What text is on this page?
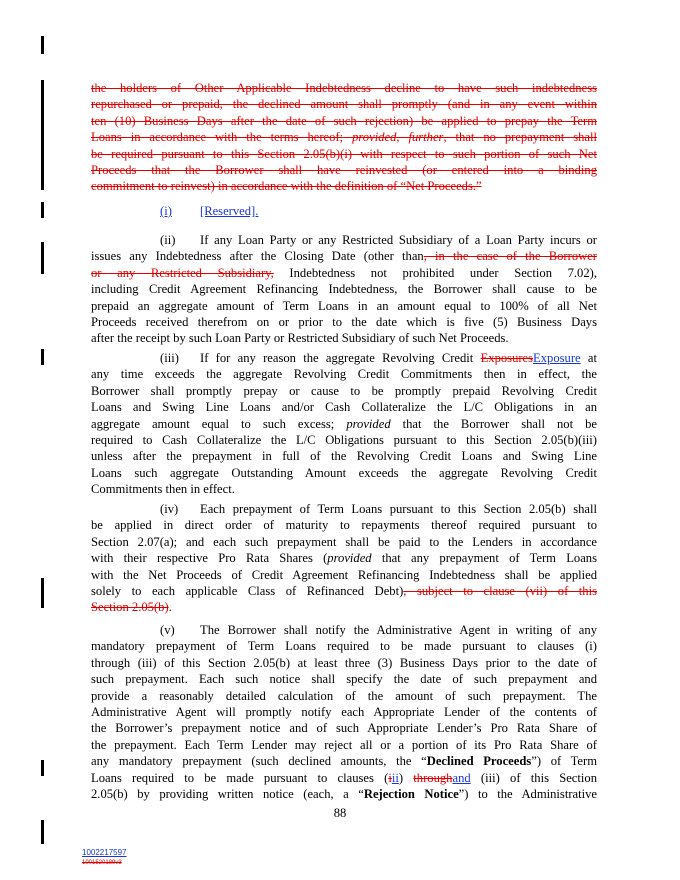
the holders of Other Applicable Indebtedness decline to have such indebtedness
repurchased or prepaid, the declined amount shall promptly (and in any event within
ten (10) Business Days after the date of such rejection) be applied to prepay the Term
Loans in accordance with the terms hereof; provided, further, that no prepayment shall
be required pursuant to this Section 2.05(b)(i) with respect to such portion of such Net
Proceeds that the Borrower shall have reinvested (or entered into a binding
commitment to reinvest) in accordance with the definition of “Net Proceeds.”
(i) [Reserved].
(ii) If any Loan Party or any Restricted Subsidiary of a Loan Party incurs or
issues any Indebtedness after the Closing Date (other than, in the case of the Borrower
or any Restricted Subsidiary, Indebtedness not prohibited under Section 7.02),
including Credit Agreement Refinancing Indebtedness, the Borrower shall cause to be
prepaid an aggregate amount of Term Loans in an amount equal to 100% of all Net
Proceeds received therefrom on or prior to the date which is five (5) Business Days
after the receipt by such Loan Party or Restricted Subsidiary of such Net Proceeds.
(iii) If for any reason the aggregate Revolving Credit ExposuresExposure at
any time exceeds the aggregate Revolving Credit Commitments then in effect, the
Borrower shall promptly prepay or cause to be promptly prepaid Revolving Credit
Loans and Swing Line Loans and/or Cash Collateralize the L/C Obligations in an
aggregate amount equal to such excess; provided that the Borrower shall not be
required to Cash Collateralize the L/C Obligations pursuant to this Section 2.05(b)(iii)
unless after the prepayment in full of the Revolving Credit Loans and Swing Line
Loans such aggregate Outstanding Amount exceeds the aggregate Revolving Credit
Commitments then in effect.
(iv) Each prepayment of Term Loans pursuant to this Section 2.05(b) shall
be applied in direct order of maturity to repayments thereof required pursuant to
Section 2.07(a); and each such prepayment shall be paid to the Lenders in accordance
with their respective Pro Rata Shares (provided that any prepayment of Term Loans
with the Net Proceeds of Credit Agreement Refinancing Indebtedness shall be applied
solely to each applicable Class of Refinanced Debt), subject to clause (vii) of this
Section 2.05(b).
(v) The Borrower shall notify the Administrative Agent in writing of any
mandatory prepayment of Term Loans required to be made pursuant to clauses (i)
through (iii) of this Section 2.05(b) at least three (3) Business Days prior to the date of
such prepayment. Each such notice shall specify the date of such prepayment and
provide a reasonably detailed calculation of the amount of such prepayment. The
Administrative Agent will promptly notify each Appropriate Lender of the contents of
the Borrower’s prepayment notice and of such Appropriate Lender’s Pro Rata Share of
the prepayment. Each Term Lender may reject all or a portion of its Pro Rata Share of
any mandatory prepayment (such declined amounts, the “Declined Proceeds”) of Term
Loans required to be made pursuant to clauses (iii) throughand (iii) of this Section
2.05(b) by providing written notice (each, a “Rejection Notice”) to the Administrative
88
1002217597
1001520189v3
